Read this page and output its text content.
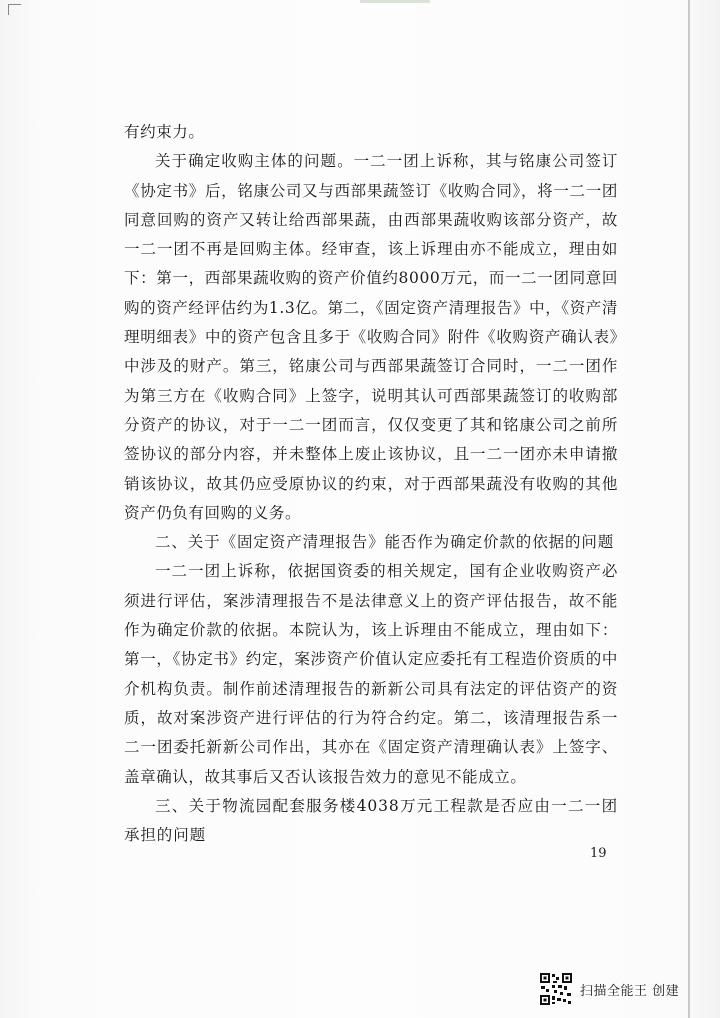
有约束力。

关于确定收购主体的问题。一二一团上诉称，其与铭康公司签订《协定书》后，铭康公司又与西部果蔬签订《收购合同》，将一二一团同意回购的资产又转让给西部果蔬，由西部果蔬收购该部分资产，故一二一团不再是回购主体。经审查，该上诉理由亦不能成立，理由如下：第一，西部果蔬收购的资产价值约8000万元，而一二一团同意回购的资产经评估约为1.3亿。第二，《固定资产清理报告》中，《资产清理明细表》中的资产包含且多于《收购合同》附件《收购资产确认表》中涉及的财产。第三，铭康公司与西部果蔬签订合同时，一二一团作为第三方在《收购合同》上签字，说明其认可西部果蔬签订的收购部分资产的协议，对于一二一团而言，仅仅变更了其和铭康公司之前所签协议的部分内容，并未整体上废止该协议，且一二一团亦未申请撤销该协议，故其仍应受原协议的约束，对于西部果蔬没有收购的其他资产仍负有回购的义务。

二、关于《固定资产清理报告》能否作为确定价款的依据的问题

一二一团上诉称，依据国资委的相关规定，国有企业收购资产必须进行评估，案涉清理报告不是法律意义上的资产评估报告，故不能作为确定价款的依据。本院认为，该上诉理由不能成立，理由如下：第一，《协定书》约定，案涉资产价值认定应委托有工程造价资质的中介机构负责。制作前述清理报告的新新公司具有法定的评估资产的资质，故对案涉资产进行评估的行为符合约定。第二，该清理报告系一二一团委托新新公司作出，其亦在《固定资产清理确认表》上签字、盖章确认，故其事后又否认该报告效力的意见不能成立。

三、关于物流园配套服务楼4038万元工程款是否应由一二一团承担的问题

19
扫描全能王 创建
